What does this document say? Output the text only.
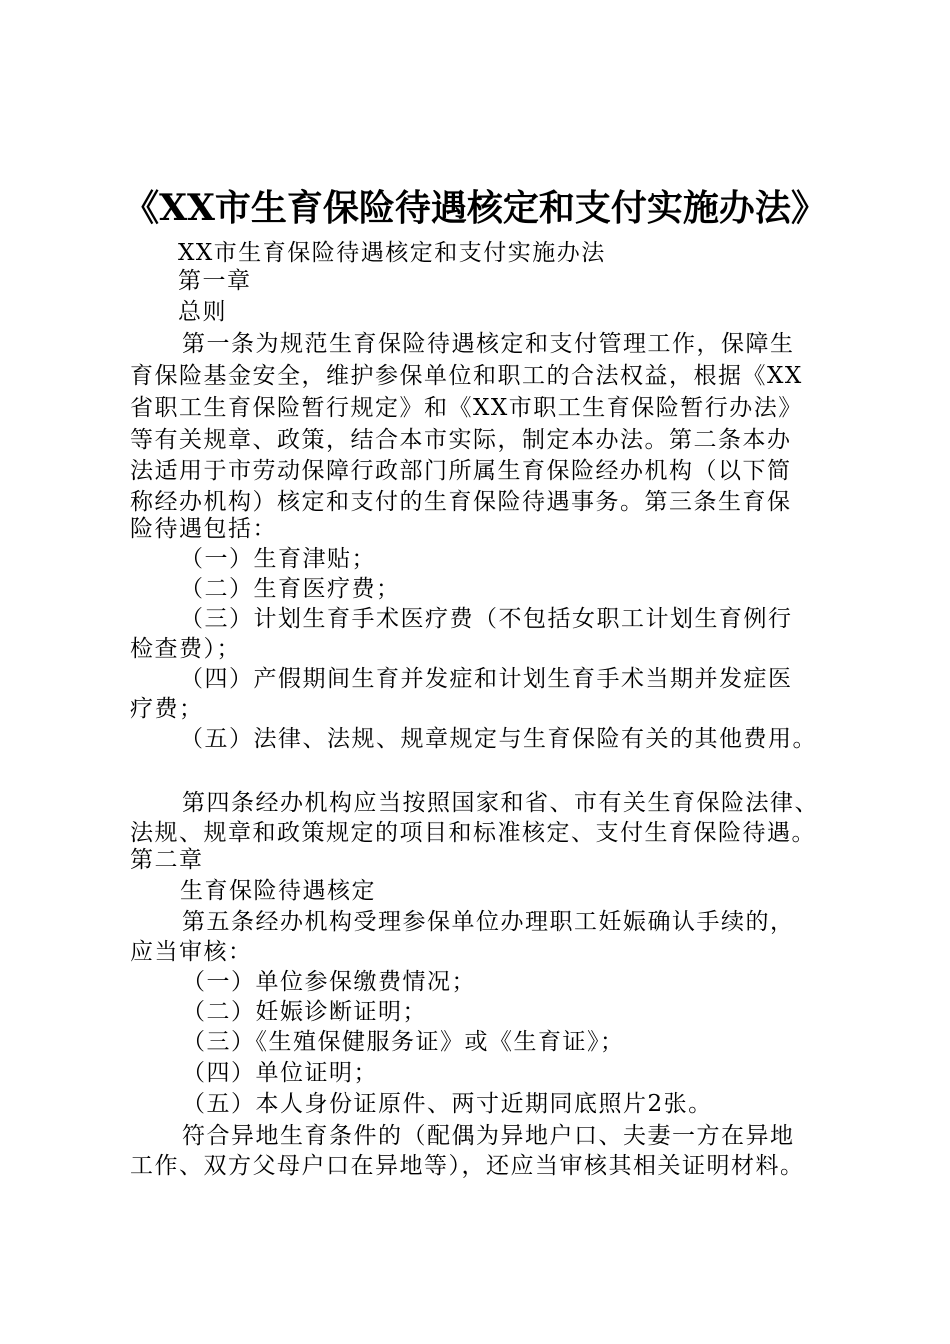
《XX市生育保险待遇核定和支付实施办法》
XX市生育保险待遇核定和支付实施办法
第一章
总则
第一条为规范生育保险待遇核定和支付管理工作，保障生
育保险基金安全，维护参保单位和职工的合法权益，根据《XX
省职工生育保险暂行规定》和《XX市职工生育保险暂行办法》
等有关规章、政策，结合本市实际，制定本办法。第二条本办
法适用于市劳动保障行政部门所属生育保险经办机构（以下简
称经办机构）核定和支付的生育保险待遇事务。第三条生育保
险待遇包括：
（一）生育津贴；
（二）生育医疗费；
（三）计划生育手术医疗费（不包括女职工计划生育例行
检查费）；
（四）产假期间生育并发症和计划生育手术当期并发症医
疗费；
（五）法律、法规、规章规定与生育保险有关的其他费用。
第四条经办机构应当按照国家和省、市有关生育保险法律、
法规、规章和政策规定的项目和标准核定、支付生育保险待遇。
第二章
生育保险待遇核定
第五条经办机构受理参保单位办理职工妊娠确认手续的，
应当审核：
（一）单位参保缴费情况；
（二）妊娠诊断证明；
（三）《生殖保健服务证》或《生育证》；
（四）单位证明；
（五）本人身份证原件、两寸近期同底照片2张。
符合异地生育条件的（配偶为异地户口、夫妻一方在异地
工作、双方父母户口在异地等），还应当审核其相关证明材料。
